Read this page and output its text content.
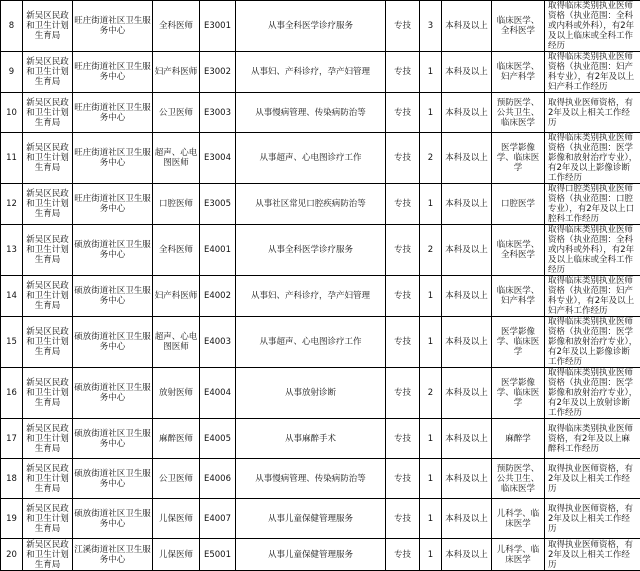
8	新吴区民政和卫生计划生育局	旺庄街道社区卫生服务中心	全科医师	E3001	从事全科医学诊疗服务	专技	3	本科及以上	临床医学、全科医学	取得临床类别执业医师资格（执业范围：全科或内科或外科），有2年及以上临床或全科工作经历
9	新吴区民政和卫生计划生育局	旺庄街道社区卫生服务中心	妇产科医师	E3002	从事妇、产科诊疗，孕产妇管理	专技	1	本科及以上	临床医学、妇产科学	取得临床类别执业医师资格（执业范围：妇产科专业），有2年及以上妇产科工作经历
10	新吴区民政和卫生计划生育局	旺庄街道社区卫生服务中心	公卫医师	E3003	从事慢病管理、传染病防治等	专技	1	本科及以上	预防医学、公共卫生、临床医学	取得执业医师资格，有2年及以上相关工作经历
11	新吴区民政和卫生计划生育局	旺庄街道社区卫生服务中心	超声、心电图医师	E3004	从事超声、心电图诊疗工作	专技	2	本科及以上	医学影像学、临床医学	取得临床类别执业医师资格（执业范围：医学影像和放射治疗专业），有2年及以上影像诊断工作经历
12	新吴区民政和卫生计划生育局	旺庄街道社区卫生服务中心	口腔医师	E3005	从事社区常见口腔疾病防治等	专技	1	本科及以上	口腔医学	取得口腔类别执业医师资格（执业范围：口腔专业），有2年及以上口腔科工作经历
13	新吴区民政和卫生计划生育局	硕放街道社区卫生服务中心	全科医师	E4001	从事全科医学诊疗服务	专技	2	本科及以上	临床医学、全科医学	取得临床类别执业医师资格（执业范围：全科或内科或外科），有2年及以上临床或全科工作经历
14	新吴区民政和卫生计划生育局	硕放街道社区卫生服务中心	妇产科医师	E4002	从事妇、产科诊疗，孕产妇管理	专技	1	本科及以上	临床医学、妇产科学	取得临床类别执业医师资格（执业范围：妇产科专业），有2年及以上妇产科工作经历
15	新吴区民政和卫生计划生育局	硕放街道社区卫生服务中心	超声、心电图医师	E4003	从事超声、心电图诊疗工作	专技	1	本科及以上	医学影像学、临床医学	取得临床类别执业医师资格（执业范围：医学影像和放射治疗专业），有2年及以上影像诊断工作经历
16	新吴区民政和卫生计划生育局	硕放街道社区卫生服务中心	放射医师	E4004	从事放射诊断	专技	2	本科及以上	医学影像学、临床医学	取得临床类别执业医师资格（执业范围：医学影像和放射治疗专业），有2年及以上放射诊断工作经历
17	新吴区民政和卫生计划生育局	硕放街道社区卫生服务中心	麻醉医师	E4005	从事麻醉手术	专技	1	本科及以上	麻醉学	取得临床类别执业医师资格，有2年及以上麻醉科工作经历
18	新吴区民政和卫生计划生育局	硕放街道社区卫生服务中心	公卫医师	E4006	从事慢病管理、传染病防治等	专技	1	本科及以上	预防医学、公共卫生、临床医学	取得执业医师资格，有2年及以上相关工作经历
19	新吴区民政和卫生计划生育局	硕放街道社区卫生服务中心	儿保医师	E4007	从事儿童保健管理服务	专技	1	本科及以上	儿科学、临床医学	取得执业医师资格，有2年及以上相关工作经历
20	新吴区民政和卫生计划生育局	江溪街道社区卫生服务中心	儿保医师	E5001	从事儿童保健管理服务	专技	1	本科及以上	儿科学、临床医学	取得执业医师资格，有2年及以上相关工作经历
